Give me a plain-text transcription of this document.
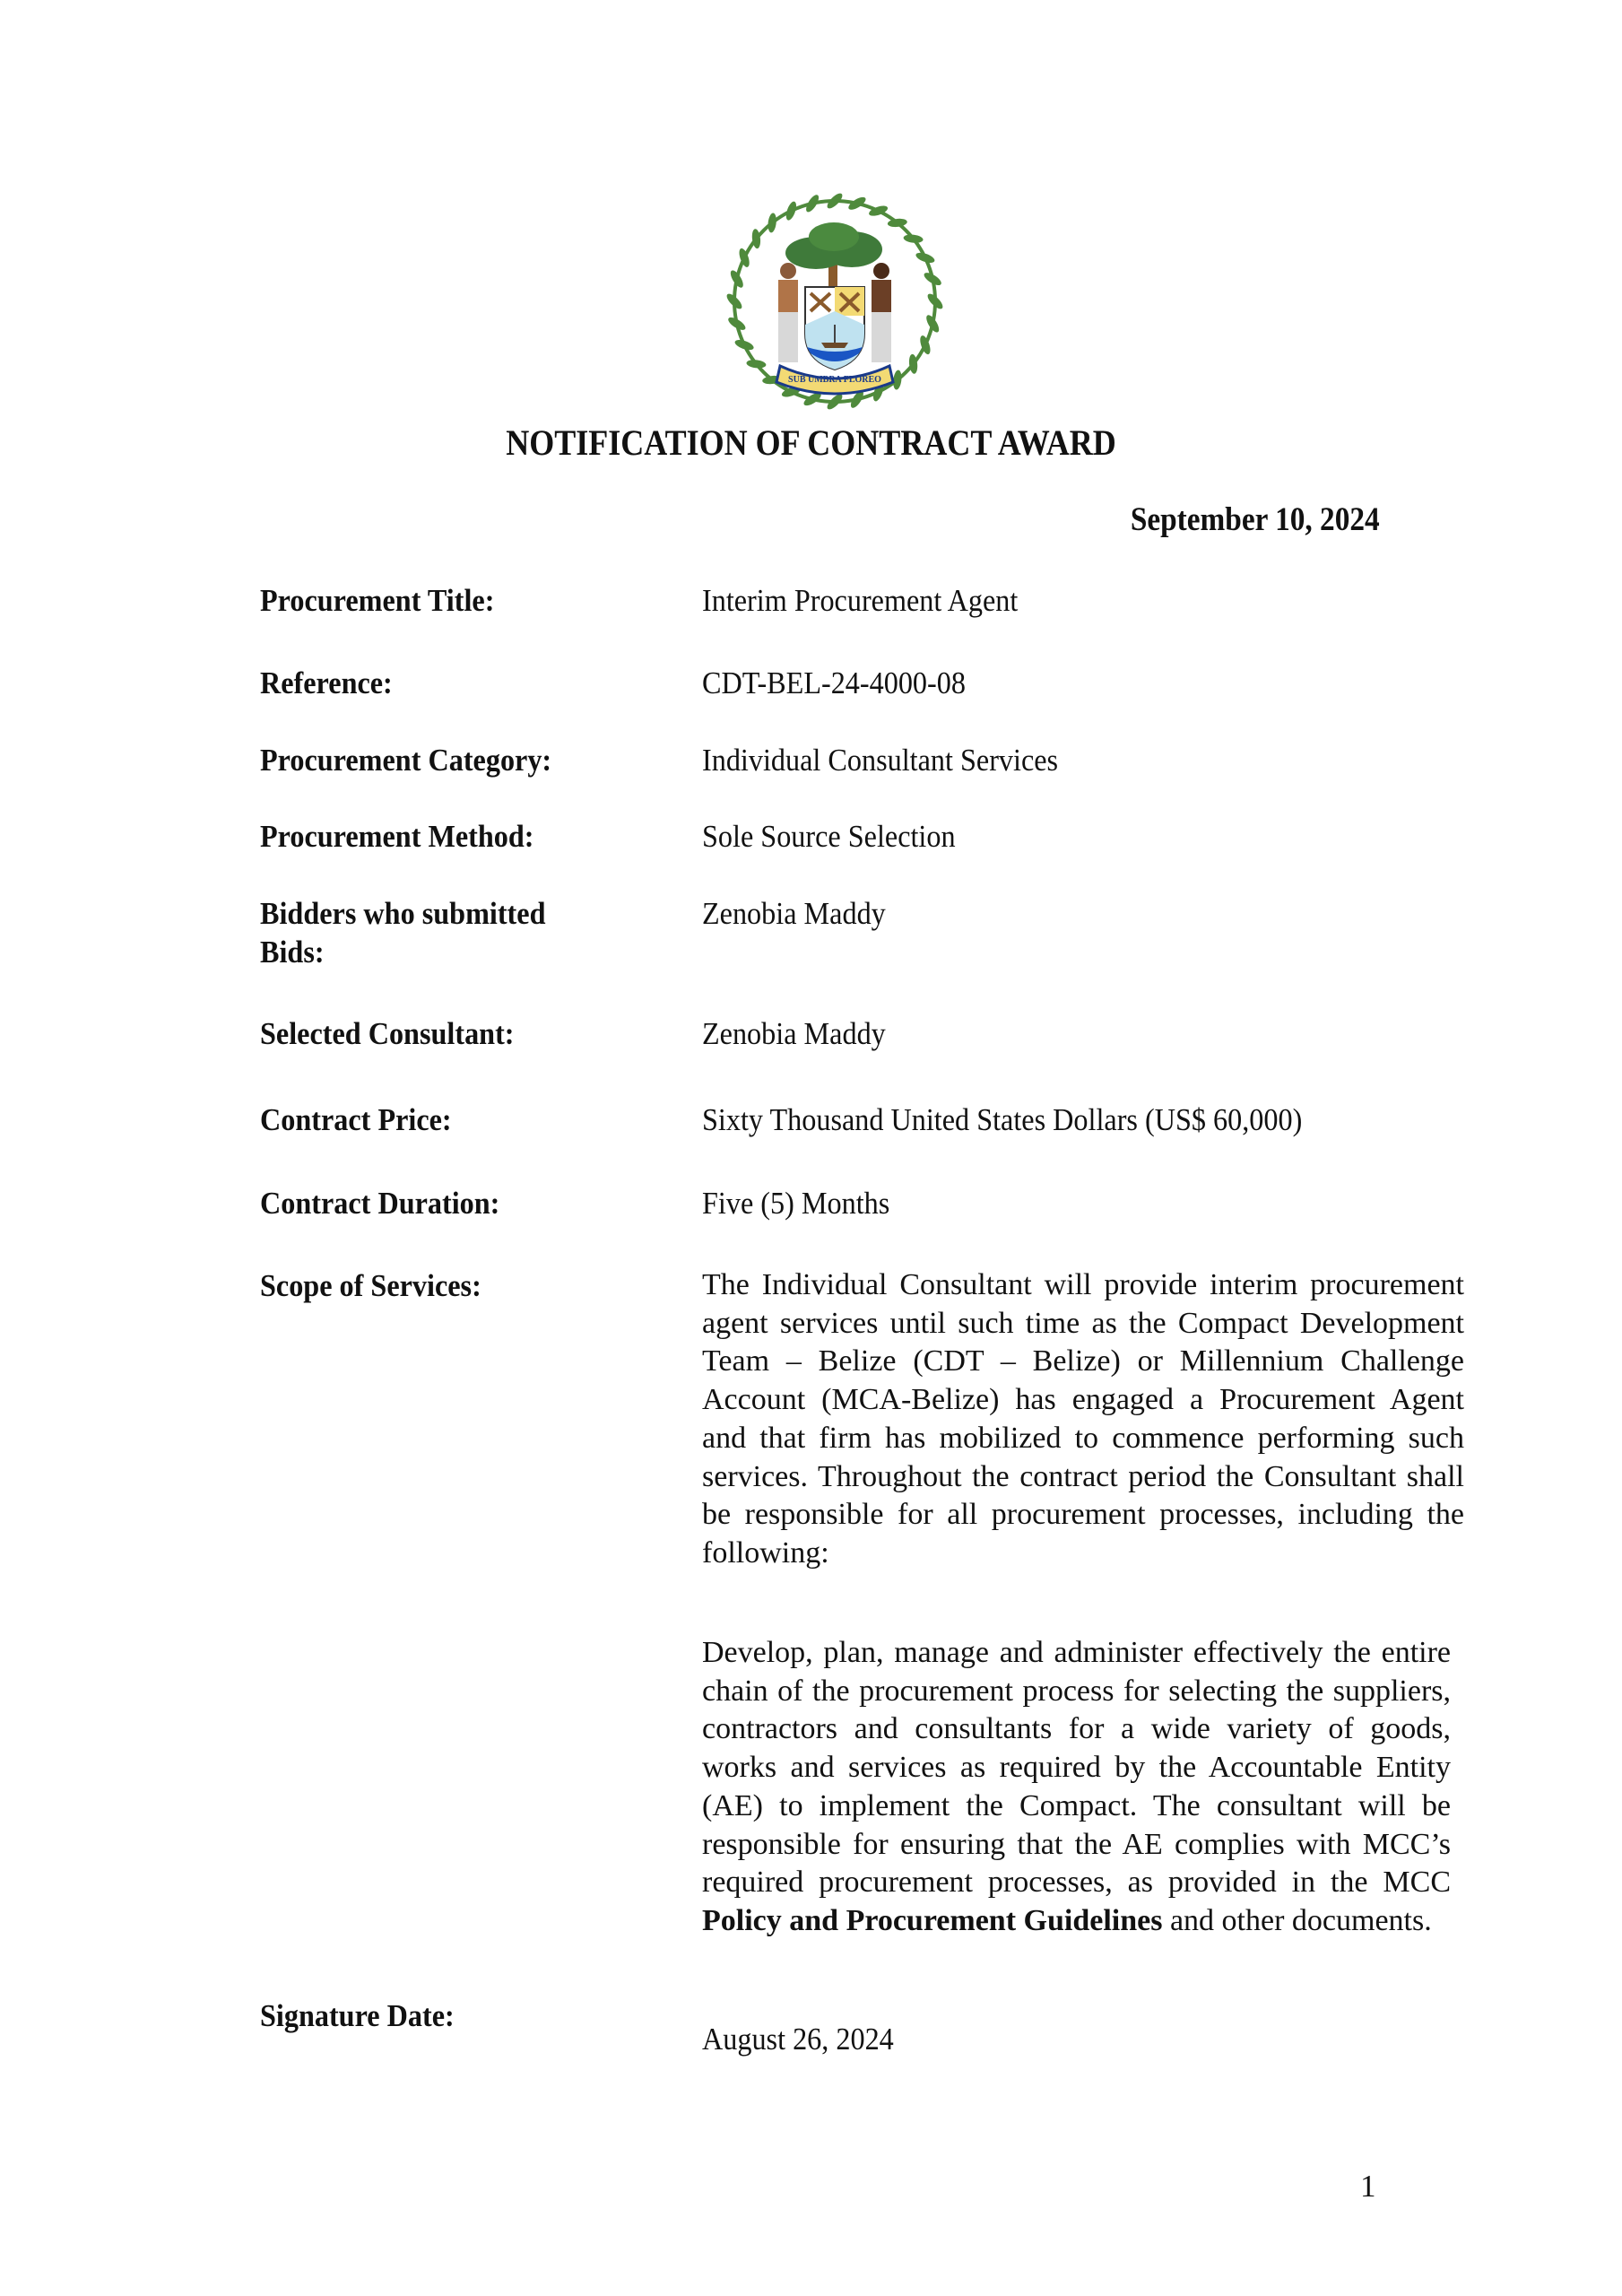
SUB UMBRA FLOREO
NOTIFICATION OF CONTRACT AWARD
September 10, 2024
Procurement Title:	Interim Procurement Agent
Reference:	CDT-BEL-24-4000-08
Procurement Category:	Individual Consultant Services
Procurement Method:	Sole Source Selection
Bidders who submitted Bids:
Zenobia Maddy
Selected Consultant:	Zenobia Maddy
Contract Price:	Sixty Thousand United States Dollars (US$ 60,000)
Contract Duration:	Five (5) Months
Scope of Services:	The Individual Consultant will provide interim procurement agent services until such time as the Compact Development Team – Belize (CDT – Belize) or Millennium Challenge Account (MCA-Belize) has engaged a Procurement Agent and that firm has mobilized to commence performing such services. Throughout the contract period the Consultant shall be responsible for all procurement processes, including the following:
Develop, plan, manage and administer effectively the entire chain of the procurement process for selecting the suppliers, contractors and consultants for a wide variety of goods, works and services as required by the Accountable Entity (AE) to implement the Compact. The consultant will be responsible for ensuring that the AE complies with MCC’s required procurement processes, as provided in the MCC Policy and Procurement Guidelines and other documents.
Signature Date:
August 26, 2024
1
